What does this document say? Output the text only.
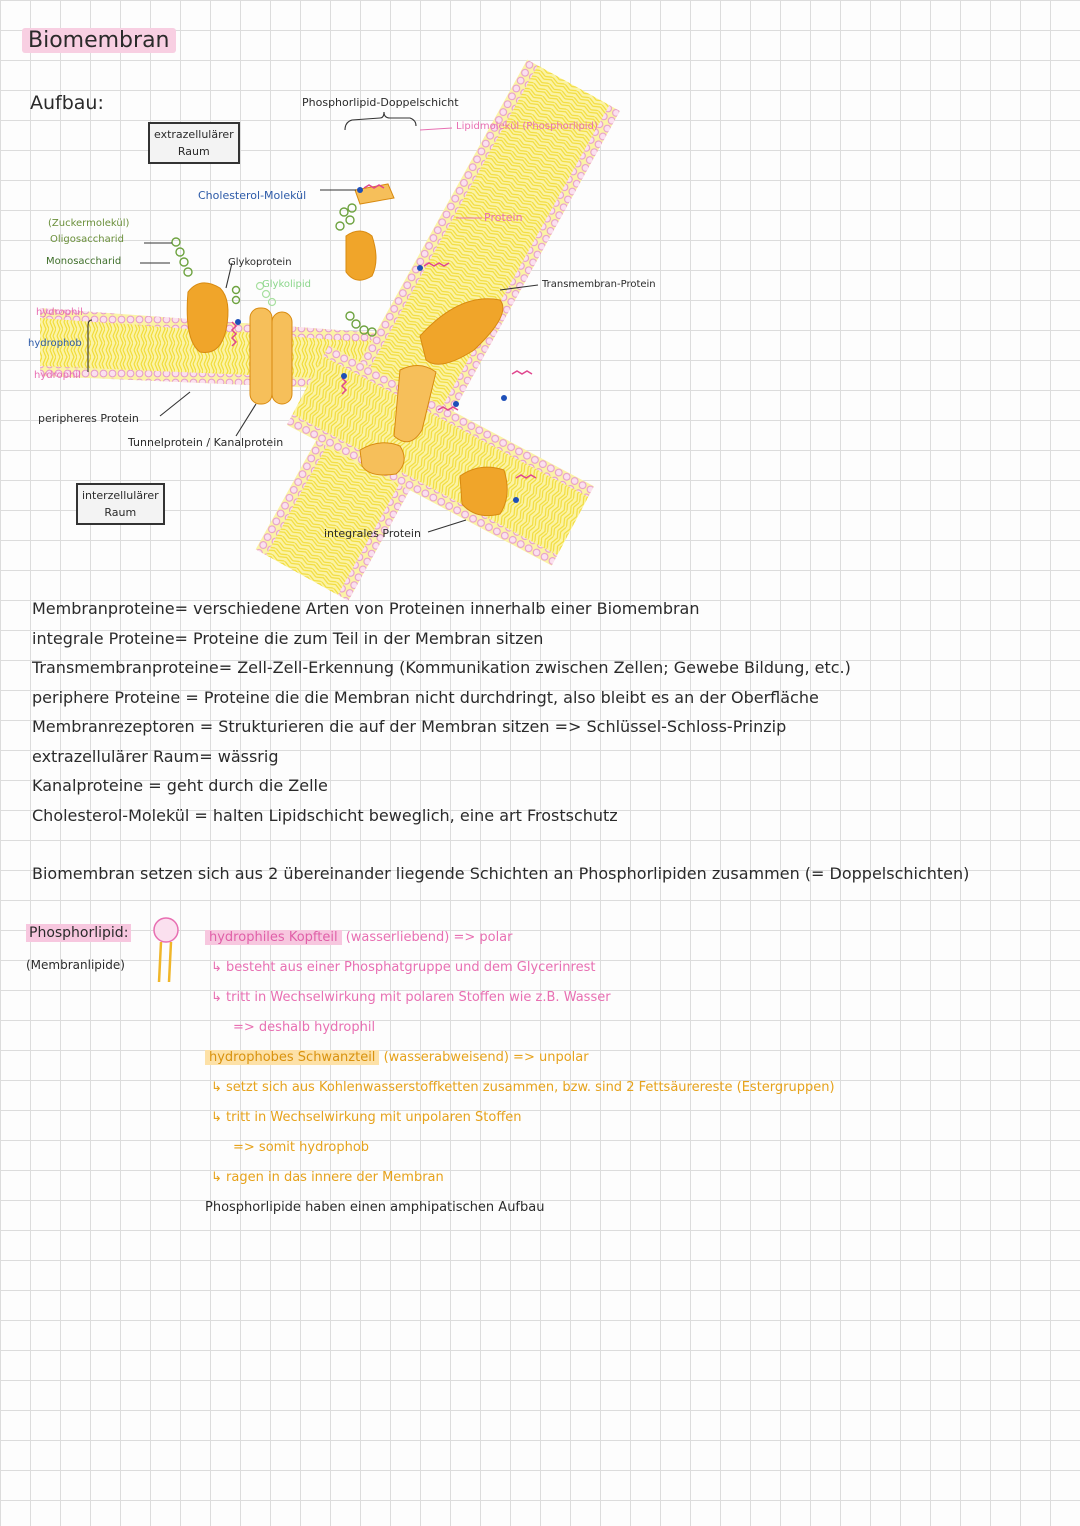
Biomembran
Aufbau:
extrazellulärer
Raum
interzellulärer
Raum
Phosphorlipid-Doppelschicht
Lipidmolekül (Phosphorlipid)
Cholesterol-Molekül
Protein
(Zuckermolekül)
Oligosaccharid
Monosaccharid	Glykoprotein
Glykolipid	Transmembran-Protein
hydrophil
hydrophob
hydrophil
peripheres Protein
Tunnelprotein / Kanalprotein
integrales Protein
Membranproteine= verschiedene Arten von Proteinen innerhalb einer Biomembran
integrale Proteine= Proteine die zum Teil in der Membran sitzen
Transmembranproteine= Zell-Zell-Erkennung (Kommunikation zwischen Zellen; Gewebe Bildung, etc.)
periphere Proteine = Proteine die die Membran nicht durchdringt, also bleibt es an der Oberfläche
Membranrezeptoren = Strukturieren die auf der Membran sitzen => Schlüssel-Schloss-Prinzip
extrazellulärer Raum= wässrig
Kanalproteine = geht durch die Zelle
Cholesterol-Molekül = halten Lipidschicht beweglich, eine art Frostschutz
Biomembran setzen sich aus 2 übereinander liegende Schichten an Phosphorlipiden zusammen (= Doppelschichten)
Phosphorlipid:
(Membranlipide)
hydrophiles Kopfteil (wasserliebend) => polar
↳ besteht aus einer Phosphatgruppe und dem Glycerinrest
↳ tritt in Wechselwirkung mit polaren Stoffen wie z.B. Wasser
=> deshalb hydrophil
hydrophobes Schwanzteil (wasserabweisend) => unpolar
↳ setzt sich aus Kohlenwasserstoffketten zusammen, bzw. sind 2 Fettsäurereste (Estergruppen)
↳ tritt in Wechselwirkung mit unpolaren Stoffen
=> somit hydrophob
↳ ragen in das innere der Membran
Phosphorlipide haben einen amphipatischen Aufbau
